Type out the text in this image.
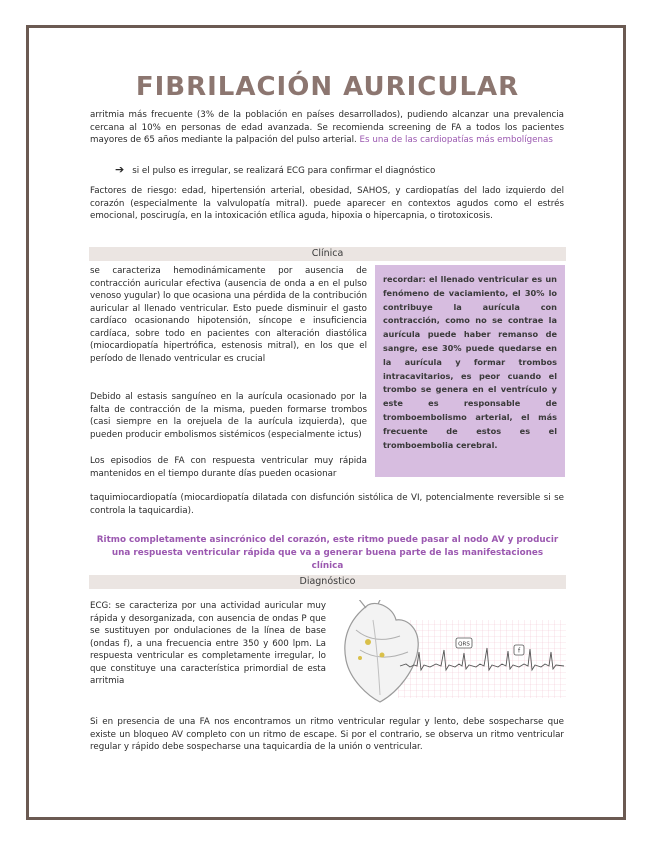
FIBRILACIÓN AURICULAR

arritmia más frecuente (3% de la población en países desarrollados), pudiendo alcanzar una prevalencia cercana al 10% en personas de edad avanzada. Se recomienda screening de FA a todos los pacientes mayores de 65 años mediante la palpación del pulso arterial. Es una de las cardiopatías más embolígenas

➔ si el pulso es irregular, se realizará ECG para confirmar el diagnóstico

Factores de riesgo: edad, hipertensión arterial, obesidad, SAHOS, y cardiopatías del lado izquierdo del corazón (especialmente la valvulopatía mitral). puede aparecer en contextos agudos como el estrés emocional, poscirugía, en la intoxicación etílica aguda, hipoxia o hipercapnia, o tirotoxicosis.

Clínica

se caracteriza hemodinámicamente por ausencia de contracción auricular efectiva (ausencia de onda a en el pulso venoso yugular) lo que ocasiona una pérdida de la contribución auricular al llenado ventricular. Esto puede disminuir el gasto cardíaco ocasionando hipotensión, síncope e insuficiencia cardíaca, sobre todo en pacientes con alteración diastólica (miocardiopatía hipertrófica, estenosis mitral), en los que el período de llenado ventricular es crucial

Debido al estasis sanguíneo en la aurícula ocasionado por la falta de contracción de la misma, pueden formarse trombos (casi siempre en la orejuela de la aurícula izquierda), que pueden producir embolismos sistémicos (especialmente ictus)

Los episodios de FA con respuesta ventricular muy rápida mantenidos en el tiempo durante días pueden ocasionar

recordar: el llenado ventricular es un fenómeno de vaciamiento, el 30% lo contribuye la aurícula con contracción, como no se contrae la aurícula puede haber remanso de sangre, ese 30% puede quedarse en la aurícula y formar trombos intracavitarios, es peor cuando el trombo se genera en el ventrículo y este es responsable de tromboembolismo arterial, el más frecuente de estos es el tromboembolia cerebral.

taquimiocardiopatía (miocardiopatía dilatada con disfunción sistólica de VI, potencialmente reversible si se controla la taquicardia).

Ritmo completamente asincrónico del corazón, este ritmo puede pasar al nodo AV y producir una respuesta ventricular rápida que va a generar buena parte de las manifestaciones clínica
Diagnóstico

ECG: se caracteriza por una actividad auricular muy rápida y desorganizada, con ausencia de ondas P que se sustituyen por ondulaciones de la línea de base (ondas f), a una frecuencia entre 350 y 600 lpm. La respuesta ventricular es completamente irregular, lo que constituye una característica primordial de esta arritmia

QRS
f

Si en presencia de una FA nos encontramos un ritmo ventricular regular y lento, debe sospecharse que existe un bloqueo AV completo con un ritmo de escape. Si por el contrario, se observa un ritmo ventricular regular y rápido debe sospecharse una taquicardia de la unión o ventricular.
